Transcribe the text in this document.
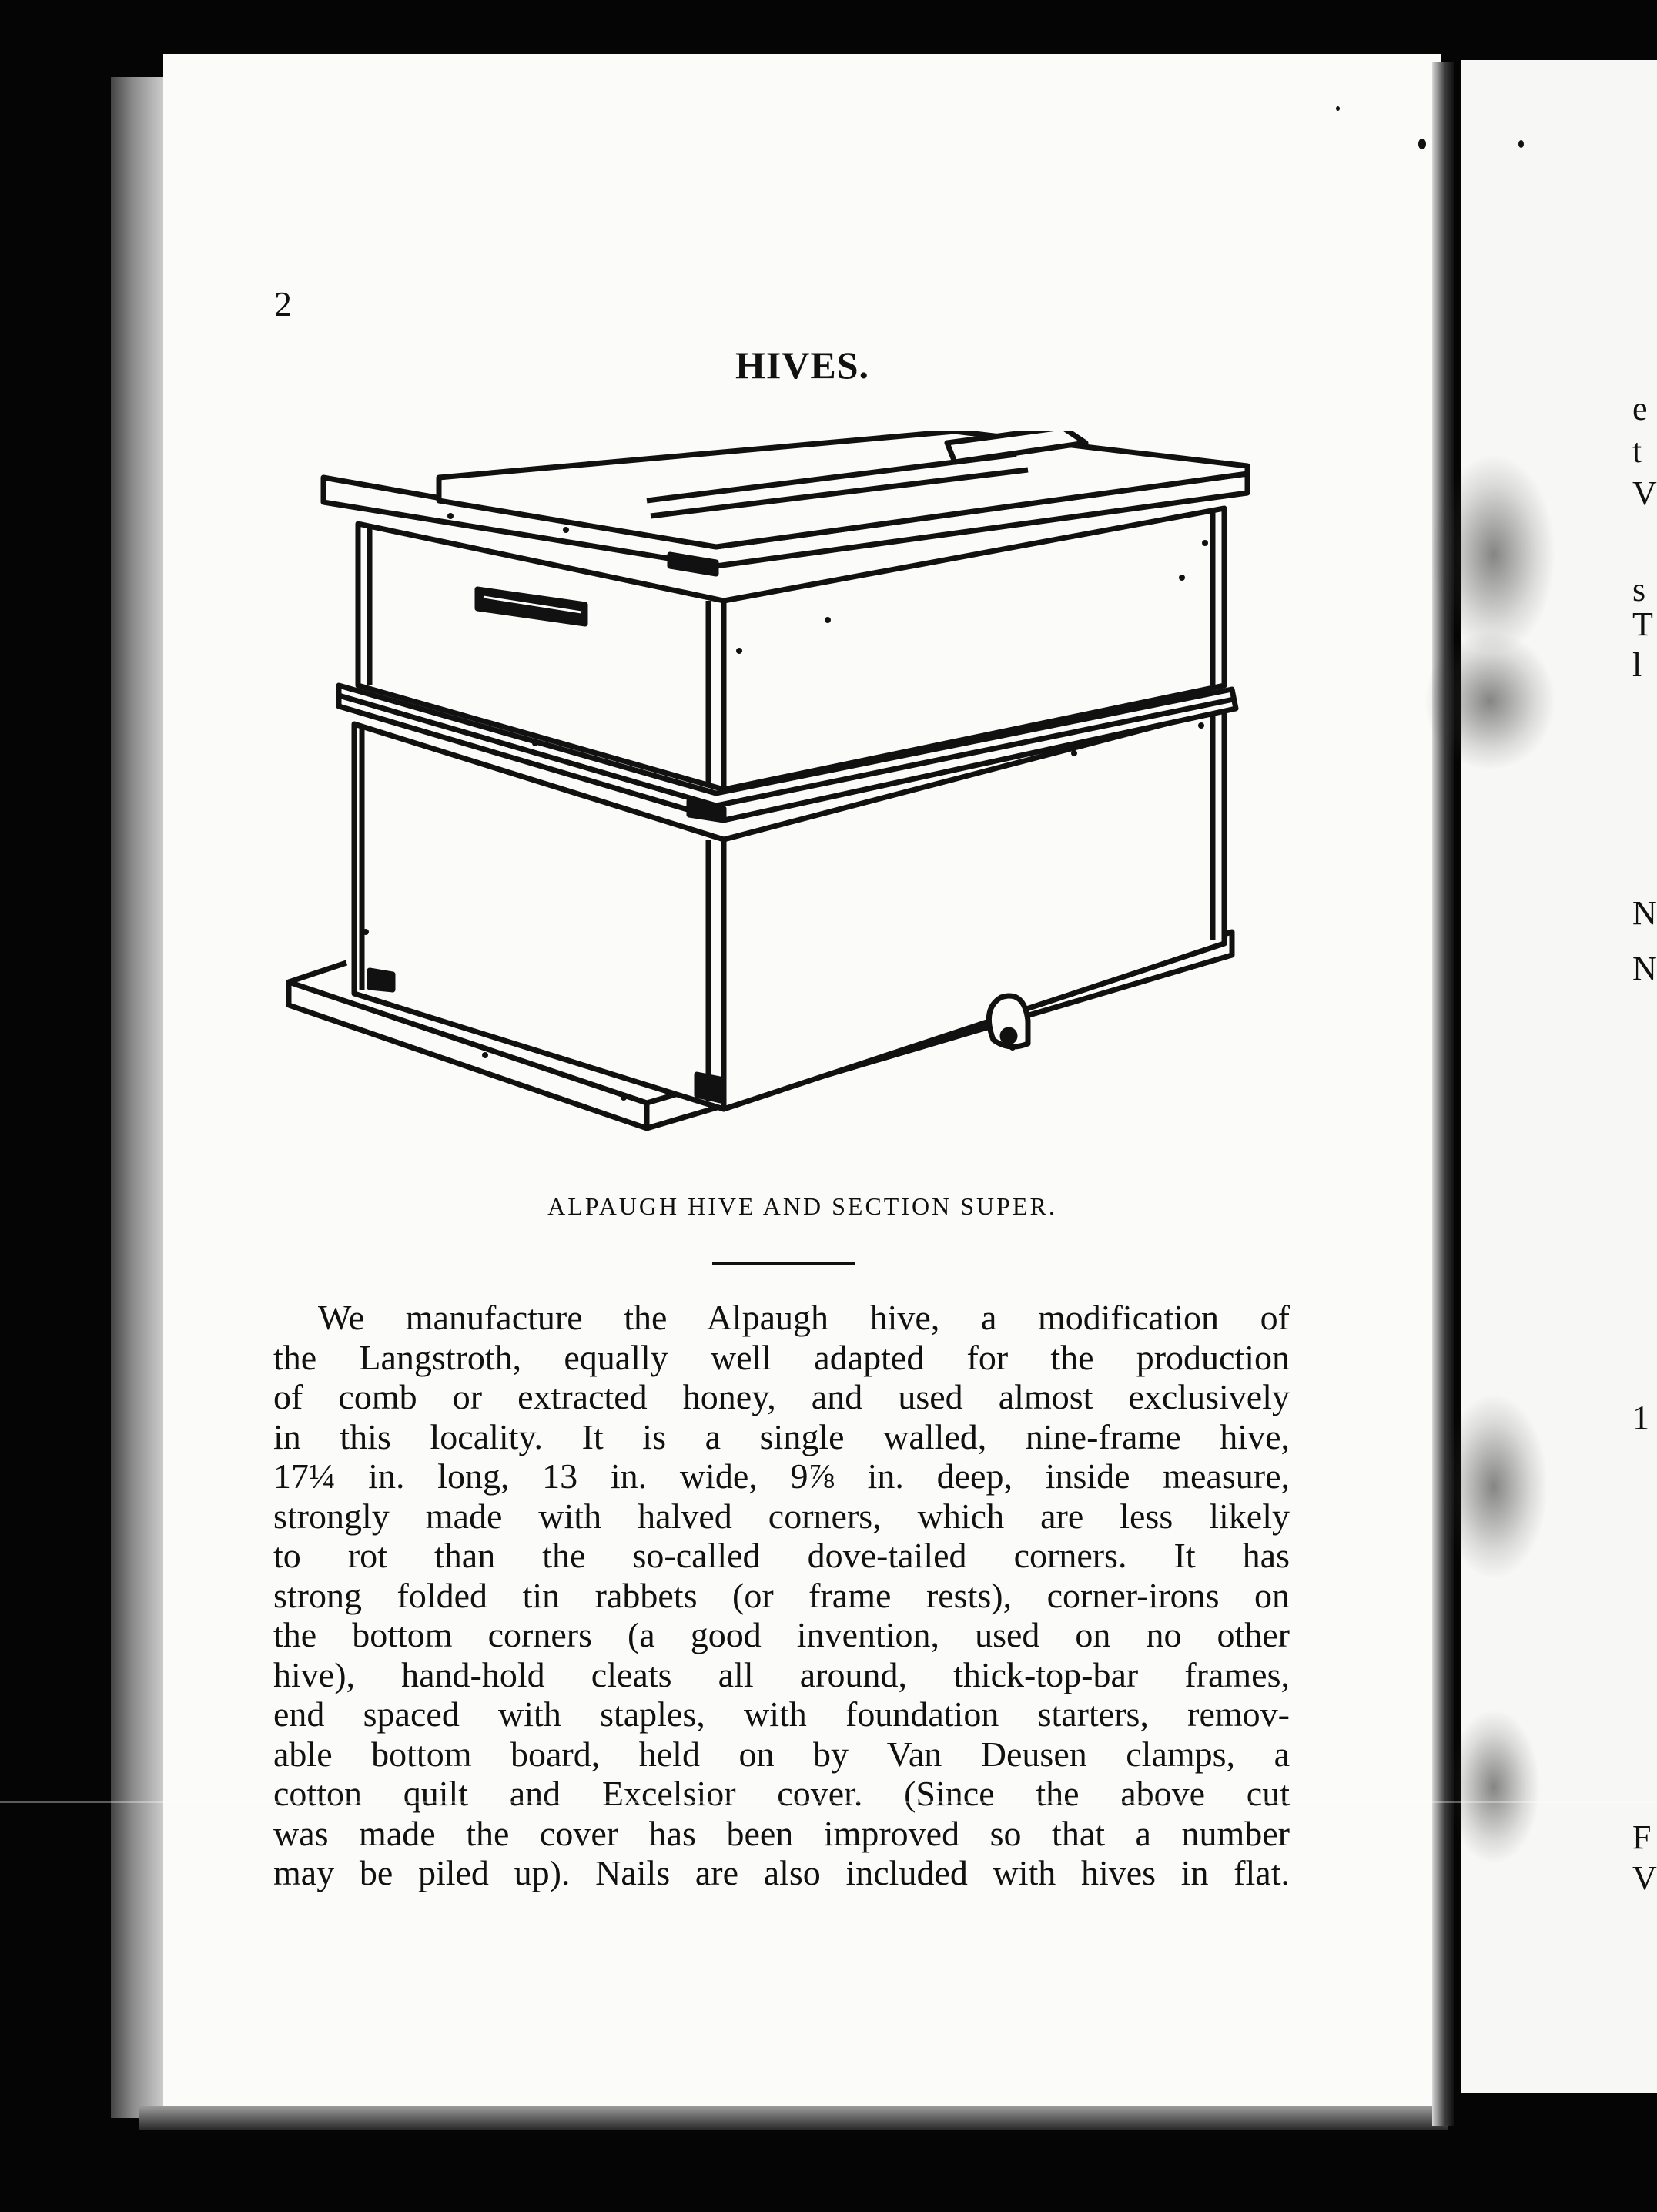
2
HIVES.
ALPAUGH HIVE AND SECTION SUPER.
We manufacture the Alpaugh hive, a modification of
the Langstroth, equally well adapted for the production
of comb or extracted honey, and used almost exclusively
in this locality. It is a single walled, nine-frame hive,
17¼ in. long, 13 in. wide, 9⅞ in. deep, inside measure,
strongly made with halved corners, which are less likely
to rot than the so-called dove-tailed corners. It has
strong folded tin rabbets (or frame rests), corner-irons on
the bottom corners (a good invention, used on no other
hive), hand-hold cleats all around, thick-top-bar frames,
end spaced with staples, with foundation starters, remov-
able bottom board, held on by Van Deusen clamps, a
cotton quilt and Excelsior cover. (Since the above cut
was made the cover has been improved so that a number
may be piled up). Nails are also included with hives in flat.
e
t
V
s
T
l
N
N
1
F
V
